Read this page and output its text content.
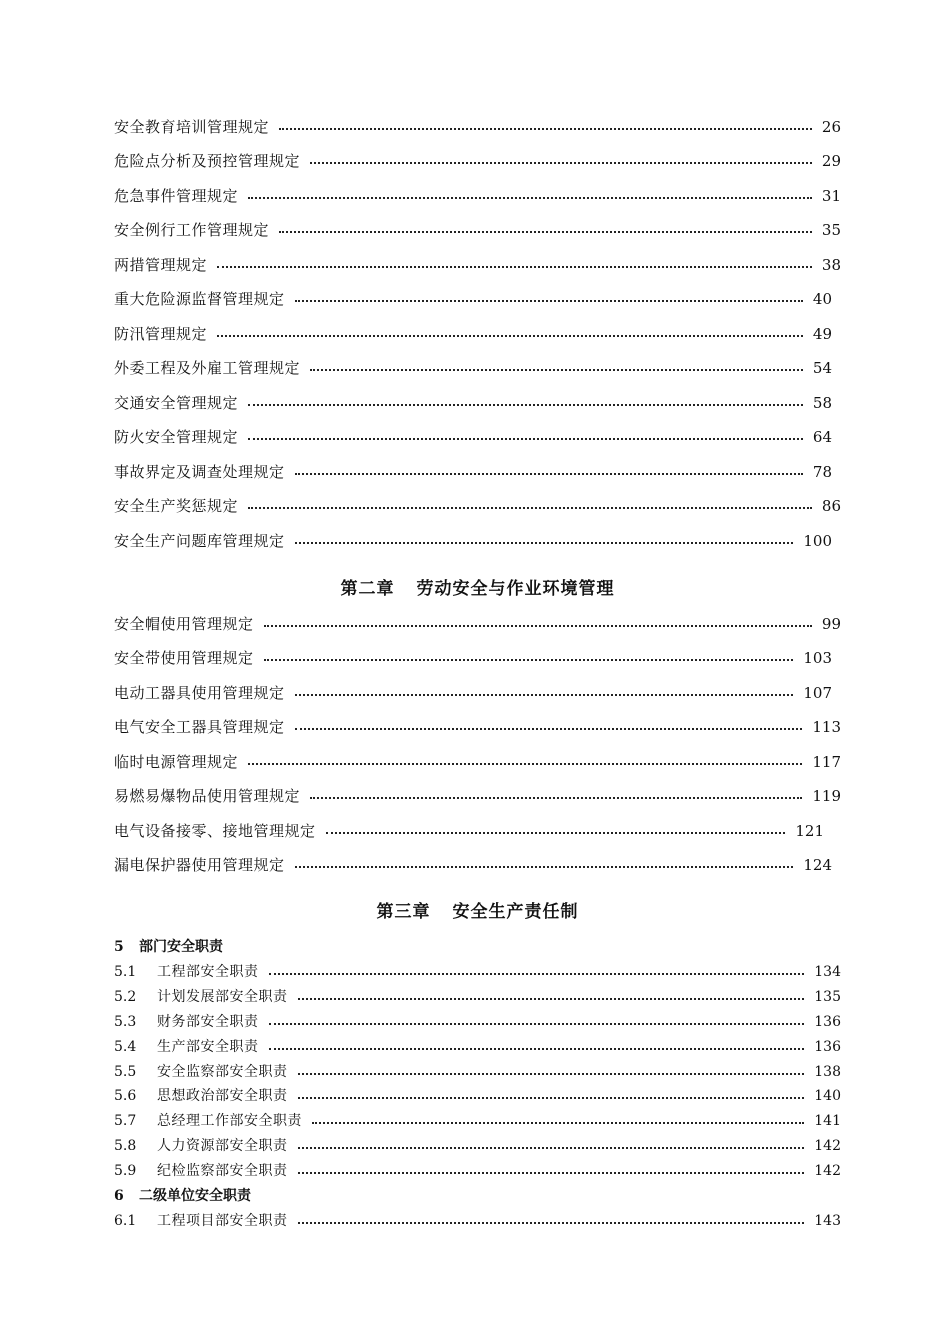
安全教育培训管理规定	26
危险点分析及预控管理规定	29
危急事件管理规定	31
安全例行工作管理规定	35
两措管理规定	38
重大危险源监督管理规定	40
防汛管理规定	49
外委工程及外雇工管理规定	54
交通安全管理规定	58
防火安全管理规定	64
事故界定及调查处理规定	78
安全生产奖惩规定	86
安全生产问题库管理规定	100
第二章 劳动安全与作业环境管理
安全帽使用管理规定	99
安全带使用管理规定	103
电动工器具使用管理规定	107
电气安全工器具管理规定	113
临时电源管理规定	117
易燃易爆物品使用管理规定	119
电气设备接零、接地管理规定	121
漏电保护器使用管理规定	124
第三章 安全生产责任制
5 部门安全职责
5.1	工程部安全职责	134
5.2	计划发展部安全职责	135
5.3	财务部安全职责	136
5.4	生产部安全职责	136
5.5	安全监察部安全职责	138
5.6	思想政治部安全职责	140
5.7	总经理工作部安全职责	141
5.8	人力资源部安全职责	142
5.9	纪检监察部安全职责	142
6 二级单位安全职责
6.1	工程项目部安全职责	143
